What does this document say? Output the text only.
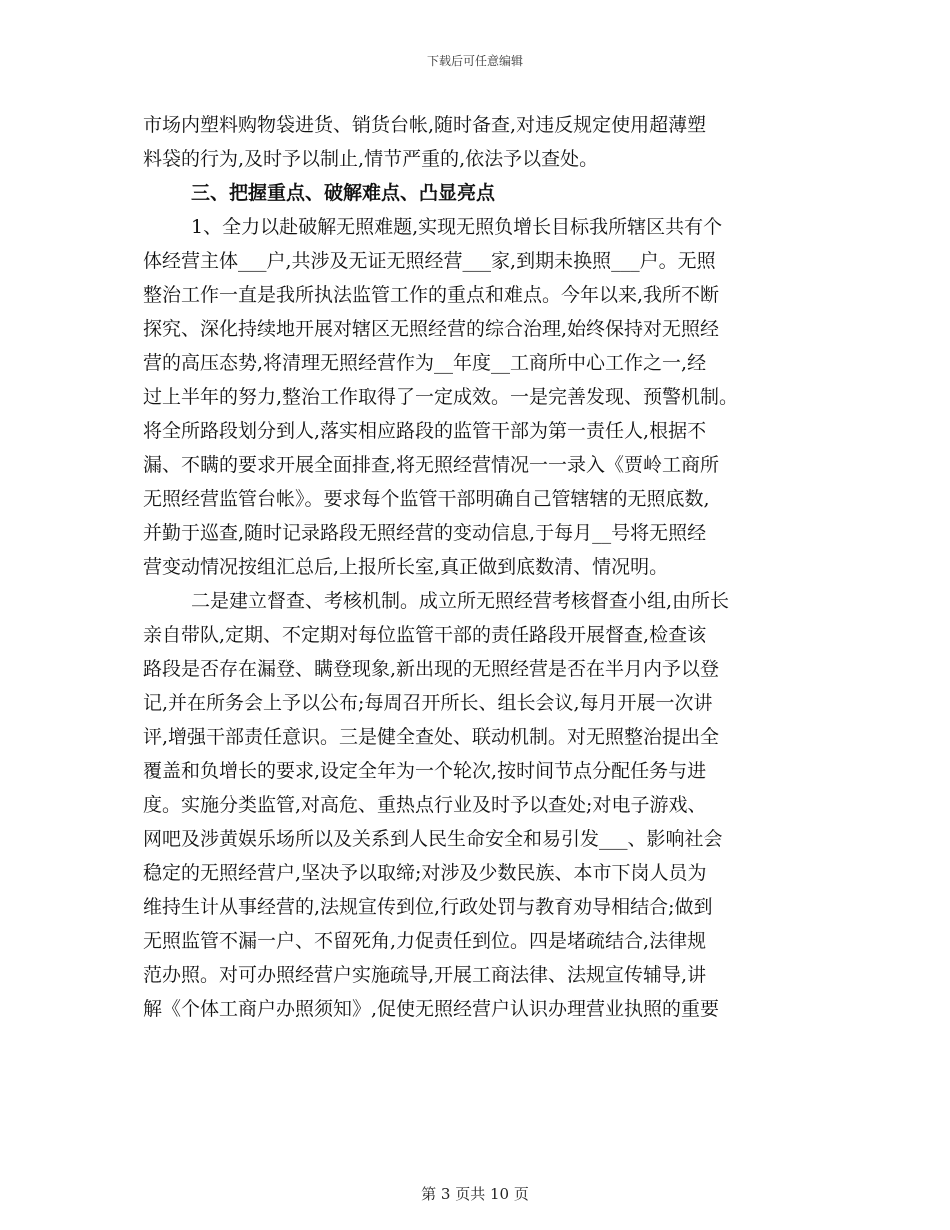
下载后可任意编辑
市场内塑料购物袋进货、销货台帐,随时备查,对违反规定使用超薄塑
料袋的行为,及时予以制止,情节严重的,依法予以查处。
三、把握重点、破解难点、凸显亮点
1、全力以赴破解无照难题,实现无照负增长目标我所辖区共有个
体经营主体___户,共涉及无证无照经营___家,到期未换照___户。无照
整治工作一直是我所执法监管工作的重点和难点。今年以来,我所不断
探究、深化持续地开展对辖区无照经营的综合治理,始终保持对无照经
营的高压态势,将清理无照经营作为__年度__工商所中心工作之一,经
过上半年的努力,整治工作取得了一定成效。一是完善发现、预警机制。
将全所路段划分到人,落实相应路段的监管干部为第一责任人,根据不
漏、不瞒的要求开展全面排查,将无照经营情况一一录入《贾岭工商所
无照经营监管台帐》。要求每个监管干部明确自己管辖辖的无照底数,
并勤于巡查,随时记录路段无照经营的变动信息,于每月__号将无照经
营变动情况按组汇总后,上报所长室,真正做到底数清、情况明。
二是建立督查、考核机制。成立所无照经营考核督查小组,由所长
亲自带队,定期、不定期对每位监管干部的责任路段开展督查,检查该
路段是否存在漏登、瞒登现象,新出现的无照经营是否在半月内予以登
记,并在所务会上予以公布;每周召开所长、组长会议,每月开展一次讲
评,增强干部责任意识。三是健全查处、联动机制。对无照整治提出全
覆盖和负增长的要求,设定全年为一个轮次,按时间节点分配任务与进
度。实施分类监管,对高危、重热点行业及时予以查处;对电子游戏、
网吧及涉黄娱乐场所以及关系到人民生命安全和易引发___、影响社会
稳定的无照经营户,坚决予以取缔;对涉及少数民族、本市下岗人员为
维持生计从事经营的,法规宣传到位,行政处罚与教育劝导相结合;做到
无照监管不漏一户、不留死角,力促责任到位。四是堵疏结合,法律规
范办照。对可办照经营户实施疏导,开展工商法律、法规宣传辅导,讲
解《个体工商户办照须知》,促使无照经营户认识办理营业执照的重要
第 3 页共 10 页
